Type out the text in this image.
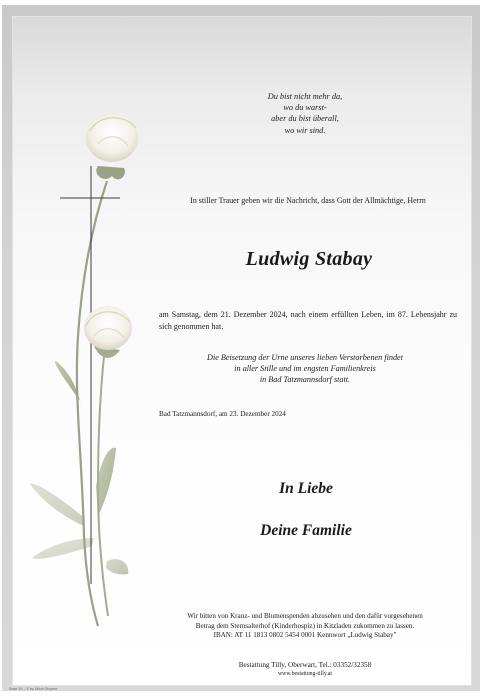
Du bist nicht mehr da,
wo du warst-
aber du bist überall,
wo wir sind.
In stiller Trauer geben wir die Nachricht, dass Gott der Allmächtige, Herrn
Ludwig Stabay
am Samstag, dem 21. Dezember 2024, nach einem erfüllten Leben, im 87. Lebensjahr zu sich genommen hat.
Die Beisetzung der Urne unseres lieben Verstorbenen findet
in aller Stille und im engsten Familienkreis
in Bad Tatzmannsdorf statt.
Bad Tatzmannsdorf, am 23. Dezember 2024
In Liebe
Deine Familie
Wir bitten von Kranz- und Blumenspenden abzusehen und den dafür vorgesehenen
Betrag dem Sternsalterhof (Kinderhospiz) in Kitzladen zukommen zu lassen.
IBAN: AT 11 1813 0802 5454 0001 Kennwort „Ludwig Stabay"
Bestattung Tilly, Oberwart, Tel.: 03352/32358
www.bestattung-tilly.at
Rose 15 – © by Ulrich Stoyme
